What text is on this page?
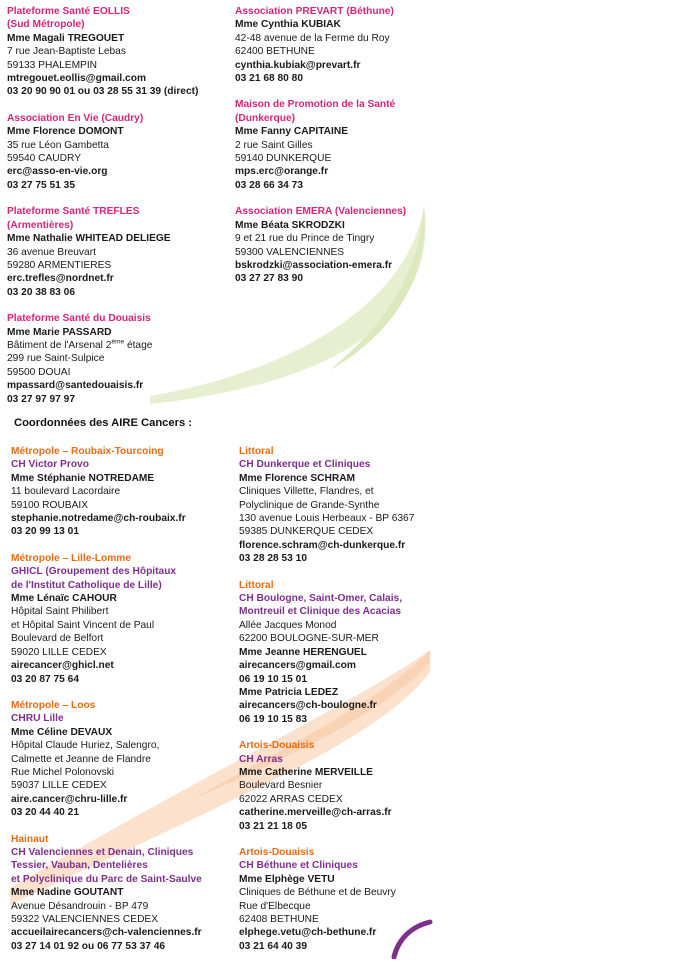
Plateforme Santé EOLLIS
(Sud Métropole)
Mme Magali TREGOUET
7 rue Jean-Baptiste Lebas
59133 PHALEMPIN
mtregouet.eollis@gmail.com
03 20 90 90 01 ou 03 28 55 31 39 (direct)
Association En Vie (Caudry)
Mme Florence DOMONT
35 rue Léon Gambetta
59540 CAUDRY
erc@asso-en-vie.org
03 27 75 51 35
Plateforme Santé TREFLES
(Armentières)
Mme Nathalie WHITEAD DELIEGE
36 avenue Breuvart
59280 ARMENTIERES
erc.trefles@nordnet.fr
03 20 38 83 06
Plateforme Santé du Douaisis
Mme Marie PASSARD
Bâtiment de l'Arsenal 2ème étage
299 rue Saint-Sulpice
59500 DOUAI
mpassard@santedouaisis.fr
03 27 97 97 97
Association PREVART (Béthune)
Mme Cynthia KUBIAK
42-48 avenue de la Ferme du Roy
62400 BETHUNE
cynthia.kubiak@prevart.fr
03 21 68 80 80
Maison de Promotion de la Santé
(Dunkerque)
Mme Fanny CAPITAINE
2 rue Saint Gilles
59140 DUNKERQUE
mps.erc@orange.fr
03 28 66 34 73
Association EMERA (Valenciennes)
Mme Béata SKRODZKI
9 et 21 rue du Prince de Tingry
59300 VALENCIENNES
bskrodzki@association-emera.fr
03 27 27 83 90
Coordonnées des AIRE Cancers :
Métropole – Roubaix-Tourcoing
CH Victor Provo
Mme Stéphanie NOTREDAME
11 boulevard Lacordaire
59100 ROUBAIX
stephanie.notredame@ch-roubaix.fr
03 20 99 13 01
Métropole – Lille-Lomme
GHICL (Groupement des Hôpitaux
de l'Institut Catholique de Lille)
Mme Lénaïc CAHOUR
Hôpital Saint Philibert
et Hôpital Saint Vincent de Paul
Boulevard de Belfort
59020 LILLE CEDEX
airecancer@ghicl.net
03 20 87 75 64
Métropole – Loos
CHRU Lille
Mme Céline DEVAUX
Hôpital Claude Huriez, Salengro,
Calmette et Jeanne de Flandre
Rue Michel Polonovski
59037 LILLE CEDEX
aire.cancer@chru-lille.fr
03 20 44 40 21
Hainaut
CH Valenciennes et Denain, Cliniques
Tessier, Vauban, Dentelières
et Polyclinique du Parc de Saint-Saulve
Mme Nadine GOUTANT
Avenue Désandrouin - BP 479
59322 VALENCIENNES CEDEX
accueilairecancers@ch-valenciennes.fr
03 27 14 01 92 ou 06 77 53 37 46
Littoral
CH Dunkerque et Cliniques
Mme Florence SCHRAM
Cliniques Villette, Flandres, et
Polyclinique de Grande-Synthe
130 avenue Louis Herbeaux - BP 6367
59385 DUNKERQUE CEDEX
florence.schram@ch-dunkerque.fr
03 28 28 53 10
Littoral
CH Boulogne, Saint-Omer, Calais,
Montreuil et Clinique des Acacias
Allée Jacques Monod
62200 BOULOGNE-SUR-MER
Mme Jeanne HERENGUEL
airecancers@gmail.com
06 19 10 15 01
Mme Patricia LEDEZ
airecancers@ch-boulogne.fr
06 19 10 15 83
Artois-Douaisis
CH Arras
Mme Catherine MERVEILLE
Boulevard Besnier
62022 ARRAS CEDEX
catherine.merveille@ch-arras.fr
03 21 21 18 05
Artois-Douaisis
CH Béthune et Cliniques
Mme Elphège VETU
Cliniques de Béthune et de Beuvry
Rue d'Elbecque
62408 BETHUNE
elphege.vetu@ch-bethune.fr
03 21 64 40 39
